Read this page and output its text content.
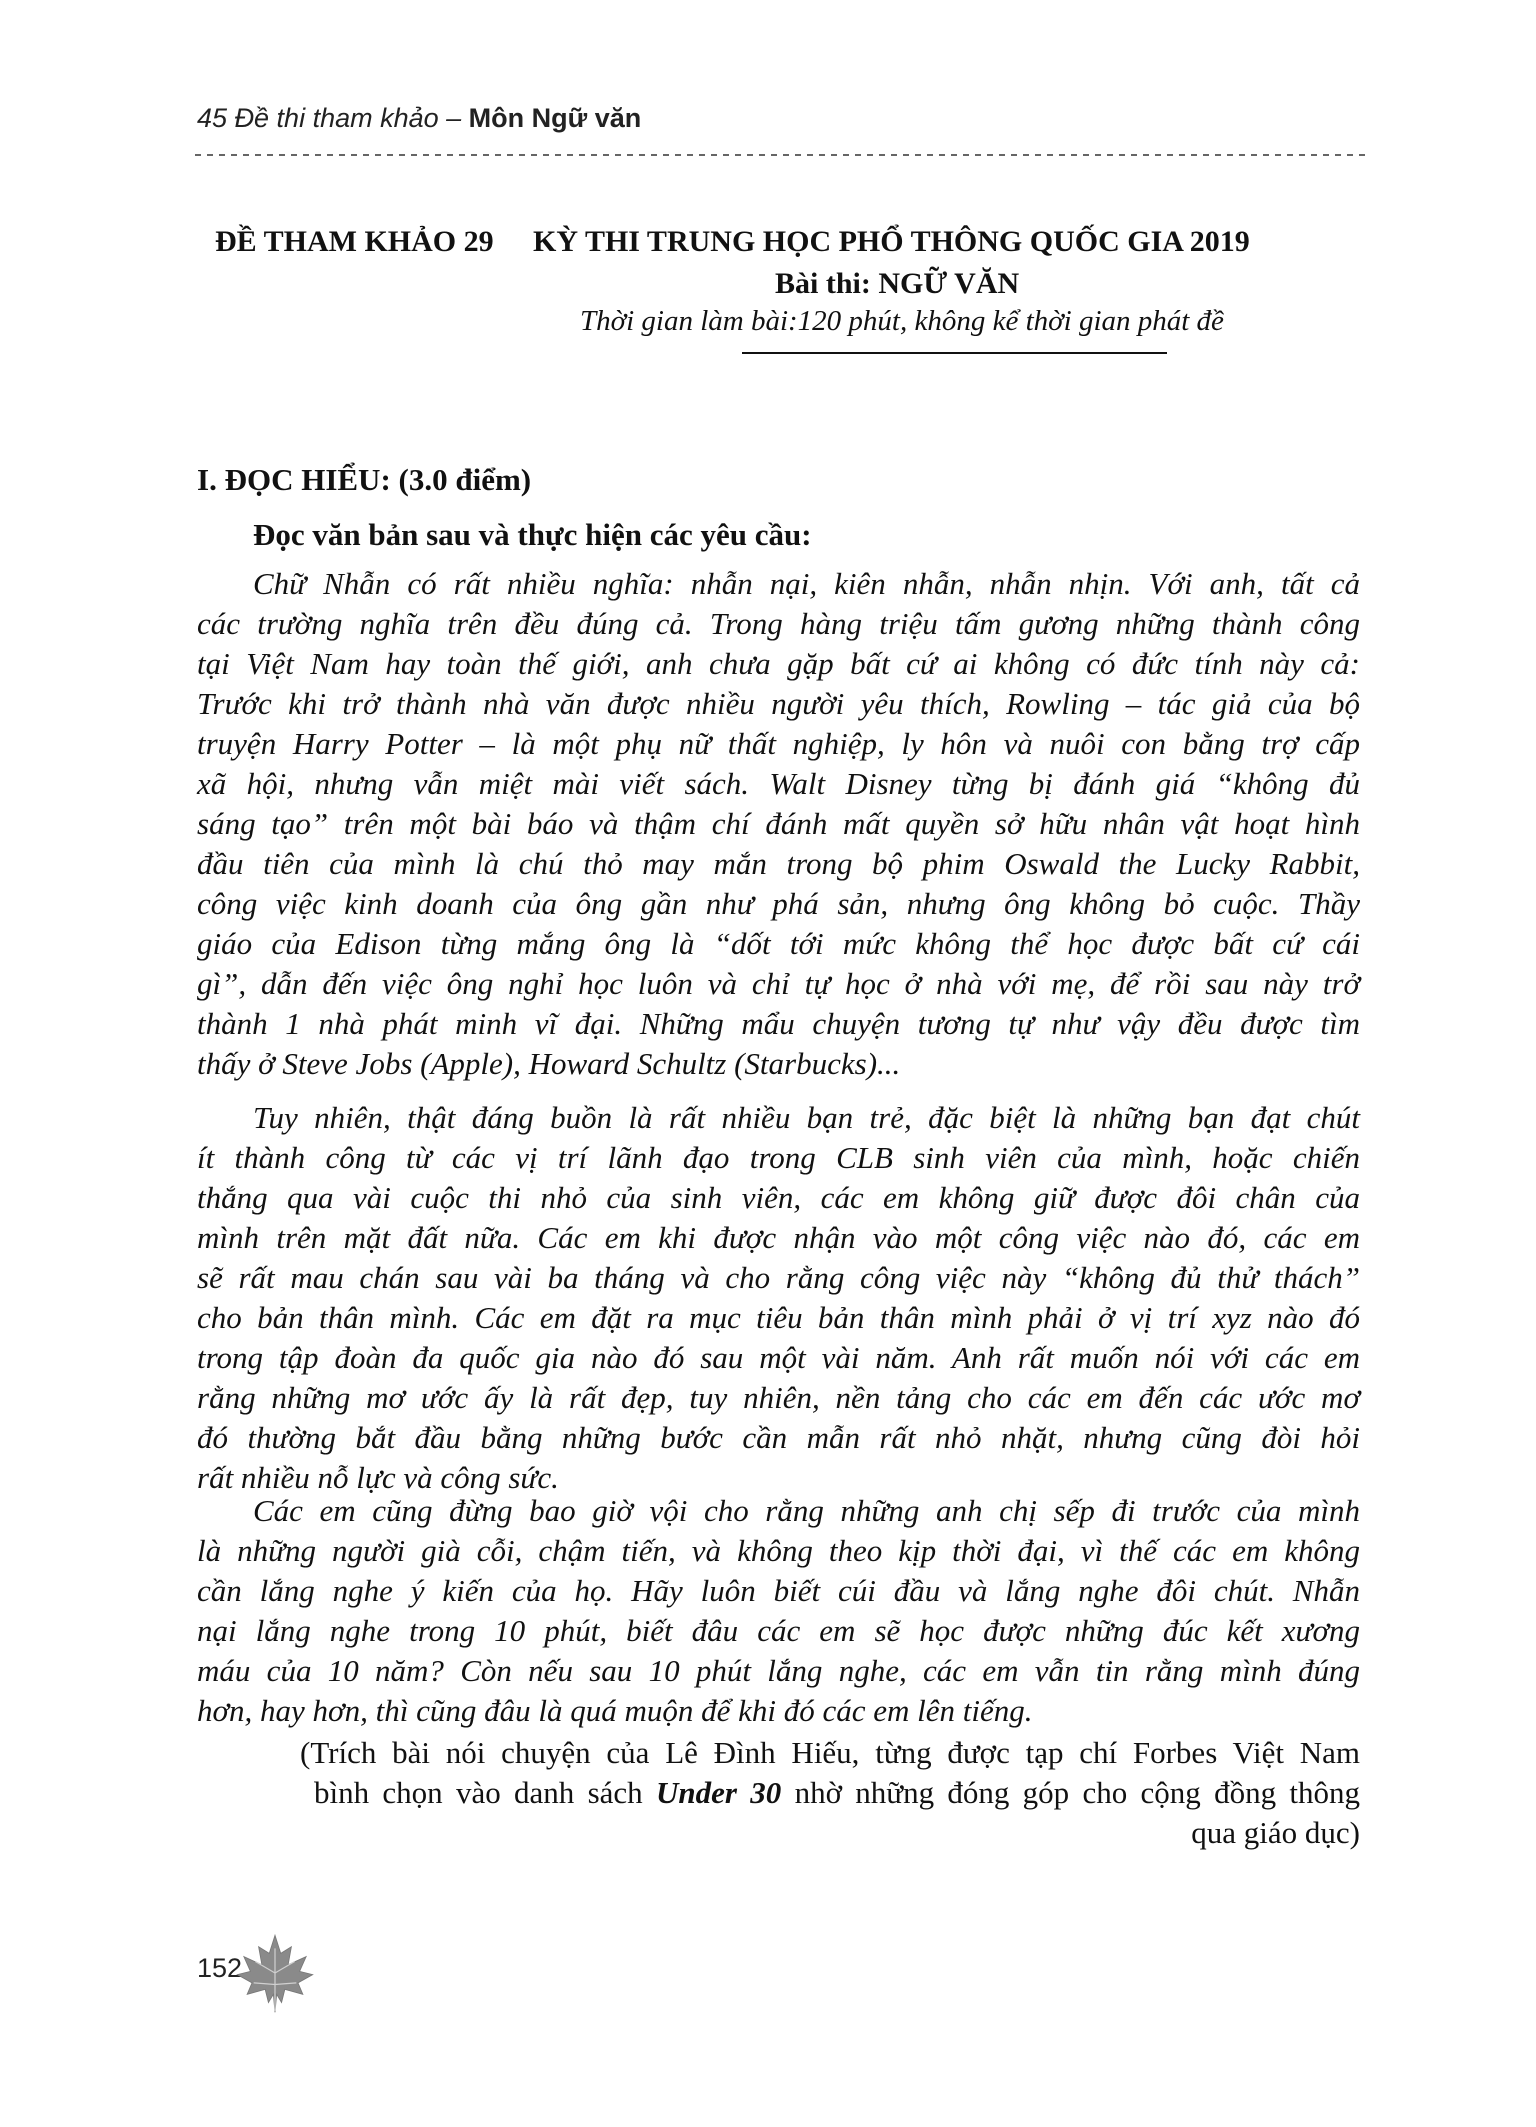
45 Đề thi tham khảo – Môn Ngữ văn
ĐỀ THAM KHẢO 29 KỲ THI TRUNG HỌC PHỔ THÔNG QUỐC GIA 2019
Bài thi: NGỮ VĂN
Thời gian làm bài:120 phút, không kể thời gian phát đề
I. ĐỌC HIỂU: (3.0 điểm)
Đọc văn bản sau và thực hiện các yêu cầu:
Chữ Nhẫn có rất nhiều nghĩa: nhẫn nại, kiên nhẫn, nhẫn nhịn. Với anh, tất cả
các trường nghĩa trên đều đúng cả. Trong hàng triệu tấm gương những thành công
tại Việt Nam hay toàn thế giới, anh chưa gặp bất cứ ai không có đức tính này cả:
Trước khi trở thành nhà văn được nhiều người yêu thích, Rowling – tác giả của bộ
truyện Harry Potter – là một phụ nữ thất nghiệp, ly hôn và nuôi con bằng trợ cấp
xã hội, nhưng vẫn miệt mài viết sách. Walt Disney từng bị đánh giá “không đủ
sáng tạo” trên một bài báo và thậm chí đánh mất quyền sở hữu nhân vật hoạt hình
đầu tiên của mình là chú thỏ may mắn trong bộ phim Oswald the Lucky Rabbit,
công việc kinh doanh của ông gần như phá sản, nhưng ông không bỏ cuộc. Thầy
giáo của Edison từng mắng ông là “dốt tới mức không thể học được bất cứ cái
gì”, dẫn đến việc ông nghỉ học luôn và chỉ tự học ở nhà với mẹ, để rồi sau này trở
thành 1 nhà phát minh vĩ đại. Những mẩu chuyện tương tự như vậy đều được tìm
thấy ở Steve Jobs (Apple), Howard Schultz (Starbucks)...
Tuy nhiên, thật đáng buồn là rất nhiều bạn trẻ, đặc biệt là những bạn đạt chút
ít thành công từ các vị trí lãnh đạo trong CLB sinh viên của mình, hoặc chiến
thắng qua vài cuộc thi nhỏ của sinh viên, các em không giữ được đôi chân của
mình trên mặt đất nữa. Các em khi được nhận vào một công việc nào đó, các em
sẽ rất mau chán sau vài ba tháng và cho rằng công việc này “không đủ thử thách”
cho bản thân mình. Các em đặt ra mục tiêu bản thân mình phải ở vị trí xyz nào đó
trong tập đoàn đa quốc gia nào đó sau một vài năm. Anh rất muốn nói với các em
rằng những mơ ước ấy là rất đẹp, tuy nhiên, nền tảng cho các em đến các ước mơ
đó thường bắt đầu bằng những bước cần mẫn rất nhỏ nhặt, nhưng cũng đòi hỏi
rất nhiều nỗ lực và công sức.
Các em cũng đừng bao giờ vội cho rằng những anh chị sếp đi trước của mình
là những người già cỗi, chậm tiến, và không theo kịp thời đại, vì thế các em không
cần lắng nghe ý kiến của họ. Hãy luôn biết cúi đầu và lắng nghe đôi chút. Nhẫn
nại lắng nghe trong 10 phút, biết đâu các em sẽ học được những đúc kết xương
máu của 10 năm? Còn nếu sau 10 phút lắng nghe, các em vẫn tin rằng mình đúng
hơn, hay hơn, thì cũng đâu là quá muộn để khi đó các em lên tiếng.
(Trích bài nói chuyện của Lê Đình Hiếu, từng được tạp chí Forbes Việt Nam
bình chọn vào danh sách Under 30 nhờ những đóng góp cho cộng đồng thông
qua giáo dục)
152
